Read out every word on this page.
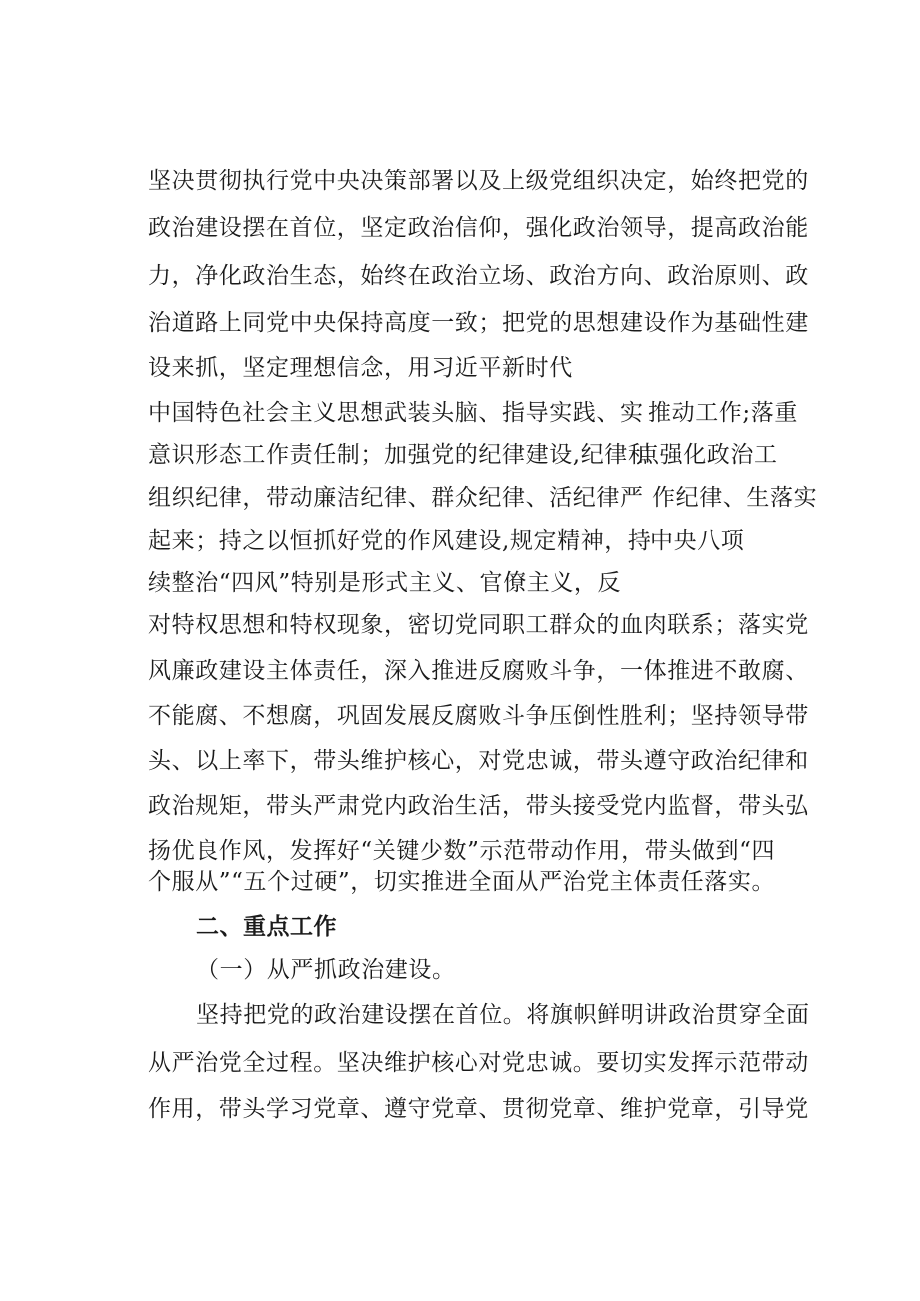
坚决贯彻执行党中央决策部署以及上级党组织决定，始终把党的
政治建设摆在首位，坚定政治信仰，强化政治领导，提高政治能
力，净化政治生态，始终在政治立场、政治方向、政治原则、政
治道路上同党中央保持高度一致；把党的思想建设作为基础性建
设来抓，坚定理想信念，用习近平新时代
中国特色社会主义思想武装头脑、指导实践、实
意识形态工作责任制；加强党的纪律建设,纪律和
组织纪律，带动廉洁纪律、群众纪律、活纪律严
起来；持之以恒抓好党的作风建设,规定精神，持
续整治“四风”特别是形式主义、官僚主义，反
推动工作;落重
点强化政治工
作纪律、生落实
中央八项
对特权思想和特权现象，密切党同职工群众的血肉联系；落实党
风廉政建设主体责任，深入推进反腐败斗争，一体推进不敢腐、
不能腐、不想腐，巩固发展反腐败斗争压倒性胜利；坚持领导带
头、以上率下，带头维护核心，对党忠诚，带头遵守政治纪律和
政治规矩，带头严肃党内政治生活，带头接受党内监督，带头弘
扬优良作风，发挥好“关键少数”示范带动作用，带头做到“四
个服从”“五个过硬”，切实推进全面从严治党主体责任落实。
二、重点工作
（一）从严抓政治建设。
坚持把党的政治建设摆在首位。将旗帜鲜明讲政治贯穿全面
从严治党全过程。坚决维护核心对党忠诚。要切实发挥示范带动
作用，带头学习党章、遵守党章、贯彻党章、维护党章，引导党
